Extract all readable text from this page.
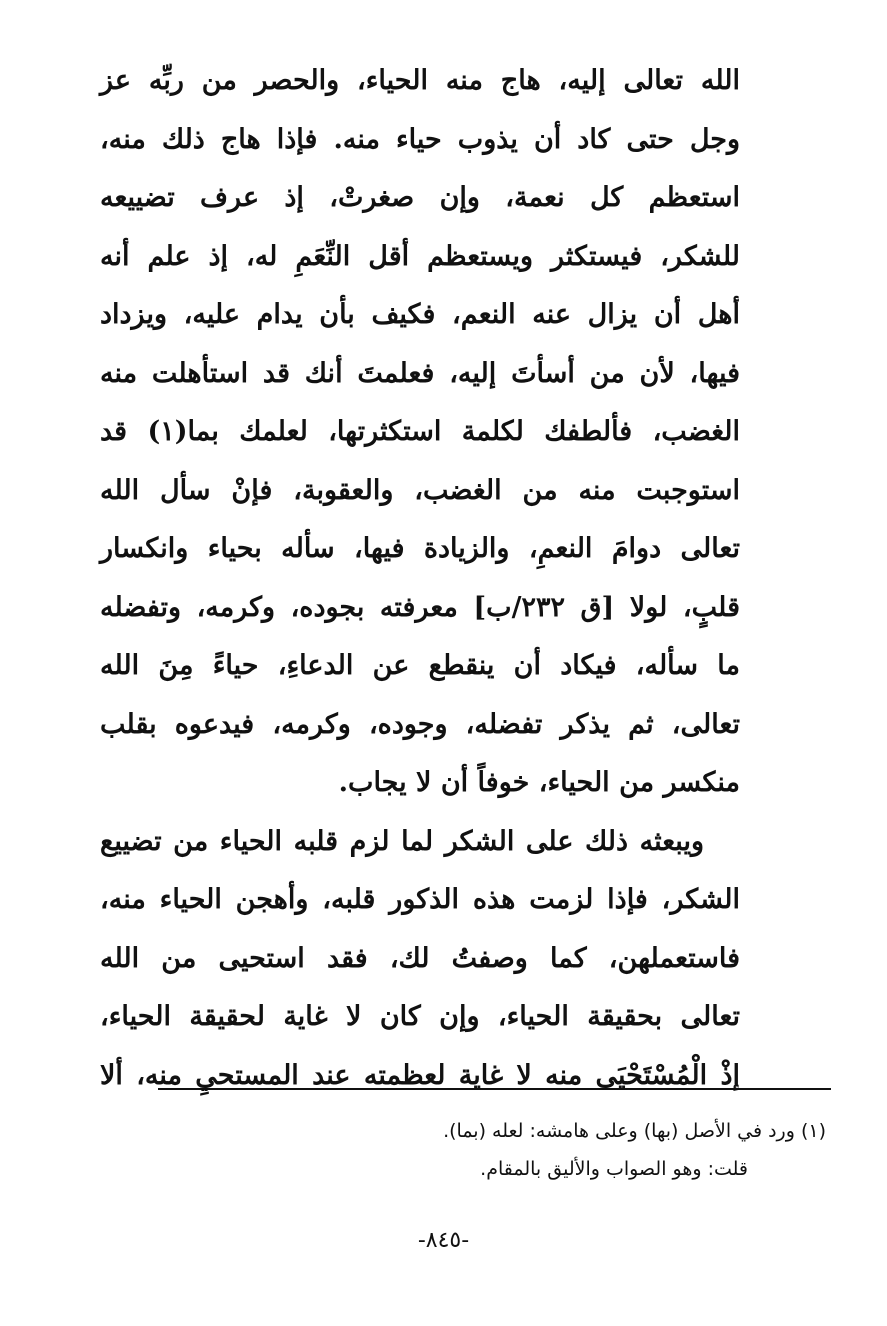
الله تعالى إليه، هاج منه الحياء، والحصر من ربِّه عز
وجل حتى كاد أن يذوب حياء منه. فإذا هاج ذلك منه،
استعظم كل نعمة، وإن صغرتْ، إذ عرف تضييعه
للشكر، فيستكثر ويستعظم أقل النِّعَمِ له، إذ علم أنه
أهل أن يزال عنه النعم، فكيف بأن يدام عليه، ويزداد
فيها، لأن من أسأتَ إليه، فعلمتَ أنك قد استأهلت منه
الغضب، فألطفك لكلمة استكثرتها، لعلمك بما(١) قد
استوجبت منه من الغضب، والعقوبة، فإنْ سأل الله
تعالى دوامَ النعمِ، والزيادة فيها، سأله بحياء وانكسار
قلبٍ، لولا [ق ٢٣٢/ب] معرفته بجوده، وكرمه، وتفضله
ما سأله، فيكاد أن ينقطع عن الدعاءِ، حياءً مِنَ الله
تعالى، ثم يذكر تفضله، وجوده، وكرمه، فيدعوه بقلب
منكسر من الحياء، خوفاً أن لا يجاب.
ويبعثه ذلك على الشكر لما لزم قلبه الحياء من تضييع
الشكر، فإذا لزمت هذه الذكور قلبه، وأهجن الحياء منه،
فاستعملهن، كما وصفتُ لك، فقد استحيى من الله
تعالى بحقيقة الحياء، وإن كان لا غاية لحقيقة الحياء،
إذْ الْمُسْتَحْيَى منه لا غاية لعظمته عند المستحيِ منه، ألا
(١) ورد في الأصل (بها) وعلى هامشه: لعله (بما).
قلت: وهو الصواب والأليق بالمقام.
-٨٤٥-
